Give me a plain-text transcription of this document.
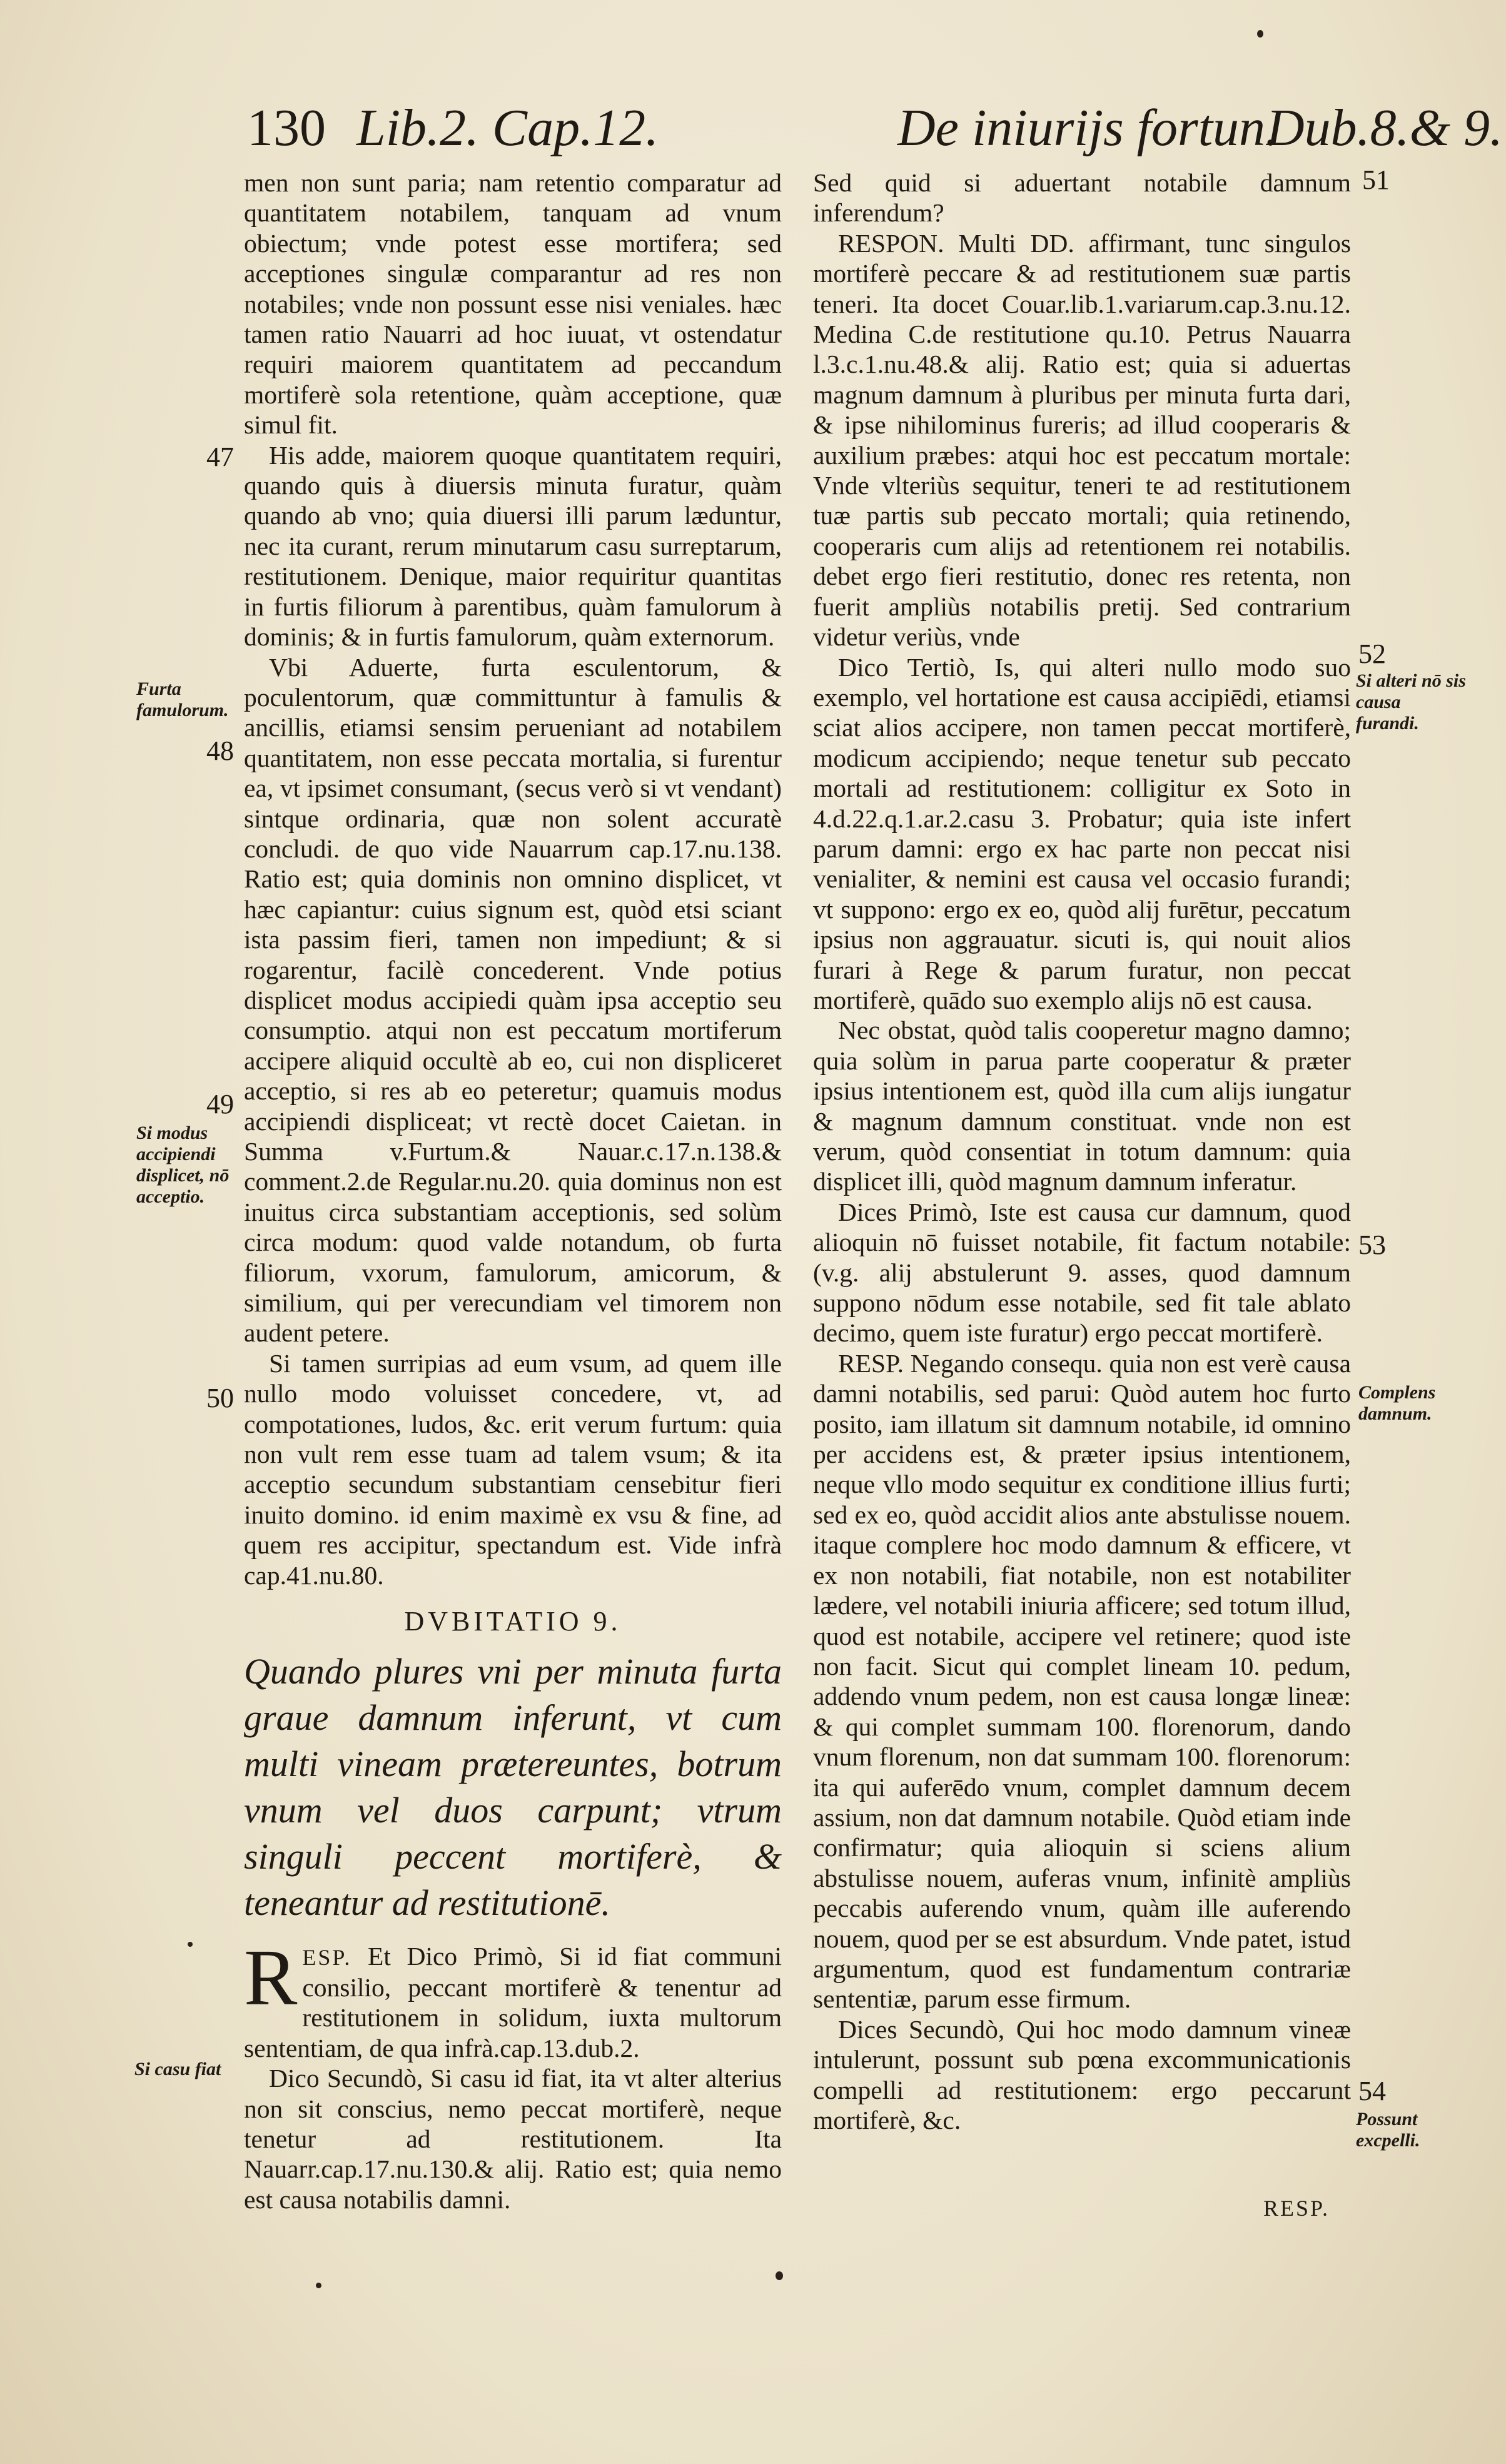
130 Lib.2. Cap.12.	De iniurijs fortun.
Dub.8.& 9.

men non sunt paria; nam retentio comparatur ad quantitatem notabilem, tanquam ad vnum obiectum; vnde potest esse mortifera; sed acceptiones singulæ comparantur ad res non notabiles; vnde non possunt esse nisi veniales. hæc tamen ratio Nauarri ad hoc iuuat, vt ostendatur requiri maiorem quantitatem ad peccandum mortiferè sola retentione, quàm acceptione, quæ simul fit.

His adde, maiorem quoque quantitatem requiri, quando quis à diuersis minuta furatur, quàm quando ab vno; quia diuersi illi parum læduntur, nec ita curant, rerum minutarum casu surreptarum, restitutionem. Denique, maior requiritur quantitas in furtis filiorum à parentibus, quàm famulorum à dominis; & in furtis famulorum, quàm externorum.

Vbi Aduerte, furta esculentorum, & poculentorum, quæ committuntur à famulis & ancillis, etiamsi sensim perueniant ad notabilem quantitatem, non esse peccata mortalia, si furentur ea, vt ipsimet consumant, (secus verò si vt vendant) sintque ordinaria, quæ non solent accuratè concludi. de quo vide Nauarrum cap.17.nu.138. Ratio est; quia dominis non omnino displicet, vt hæc capiantur: cuius signum est, quòd etsi sciant ista passim fieri, tamen non impediunt; & si rogarentur, facilè concederent. Vnde potius displicet modus accipiedi quàm ipsa acceptio seu consumptio. atqui non est peccatum mortiferum accipere aliquid occultè ab eo, cui non displiceret acceptio, si res ab eo peteretur; quamuis modus accipiendi displiceat; vt rectè docet Caietan. in Summa v.Furtum.& Nauar.c.17.n.138.& comment.2.de Regular.nu.20. quia dominus non est inuitus circa substantiam acceptionis, sed solùm circa modum: quod valde notandum, ob furta filiorum, vxorum, famulorum, amicorum, & similium, qui per verecundiam vel timorem non audent petere.

Si tamen surripias ad eum vsum, ad quem ille nullo modo voluisset concedere, vt, ad compotationes, ludos, &c. erit verum furtum: quia non vult rem esse tuam ad talem vsum; & ita acceptio secundum substantiam censebitur fieri inuito domino. id enim maximè ex vsu & fine, ad quem res accipitur, spectandum est. Vide infrà cap.41.nu.80.

DVBITATIO 9.
Quando plures vni per minuta furta graue damnum inferunt, vt cum multi vineam prætereuntes, botrum vnum vel duos carpunt; vtrum singuli peccent mortiferè, & teneantur ad restitutionē.

RESP. Et Dico Primò, Si id fiat communi consilio, peccant mortiferè & tenentur ad restitutionem in solidum, iuxta multorum sententiam, de qua infrà.cap.13.dub.2.

Dico Secundò, Si casu id fiat, ita vt alter alterius non sit conscius, nemo peccat mortiferè, neque tenetur ad restitutionem. Ita Nauarr.cap.17.nu.130.& alij. Ratio est; quia nemo est causa notabilis damni.

Sed quid si aduertant notabile damnum inferendum?

RESPON. Multi DD. affirmant, tunc singulos mortiferè peccare & ad restitutionem suæ partis teneri. Ita docet Couar.lib.1.variarum.cap.3.nu.12. Medina C.de restitutione qu.10. Petrus Nauarra l.3.c.1.nu.48.& alij. Ratio est; quia si aduertas magnum damnum à pluribus per minuta furta dari, & ipse nihilominus fureris; ad illud cooperaris & auxilium præbes: atqui hoc est peccatum mortale: Vnde vlteriùs sequitur, teneri te ad restitutionem tuæ partis sub peccato mortali; quia retinendo, cooperaris cum alijs ad retentionem rei notabilis. debet ergo fieri restitutio, donec res retenta, non fuerit ampliùs notabilis pretij. Sed contrarium videtur veriùs, vnde

Dico Tertiò, Is, qui alteri nullo modo suo exemplo, vel hortatione est causa accipiēdi, etiamsi sciat alios accipere, non tamen peccat mortiferè, modicum accipiendo; neque tenetur sub peccato mortali ad restitutionem: colligitur ex Soto in 4.d.22.q.1.ar.2.casu 3. Probatur; quia iste infert parum damni: ergo ex hac parte non peccat nisi venialiter, & nemini est causa vel occasio furandi; vt suppono: ergo ex eo, quòd alij furētur, peccatum ipsius non aggrauatur. sicuti is, qui nouit alios furari à Rege & parum furatur, non peccat mortiferè, quādo suo exemplo alijs nō est causa.

Nec obstat, quòd talis cooperetur magno damno; quia solùm in parua parte cooperatur & præter ipsius intentionem est, quòd illa cum alijs iungatur & magnum damnum constituat. vnde non est verum, quòd consentiat in totum damnum: quia displicet illi, quòd magnum damnum inferatur.

Dices Primò, Iste est causa cur damnum, quod alioquin nō fuisset notabile, fit factum notabile: (v.g. alij abstulerunt 9. asses, quod damnum suppono nōdum esse notabile, sed fit tale ablato decimo, quem iste furatur) ergo peccat mortiferè.

RESP. Negando consequ. quia non est verè causa damni notabilis, sed parui: Quòd autem hoc furto posito, iam illatum sit damnum notabile, id omnino per accidens est, & præter ipsius intentionem, neque vllo modo sequitur ex conditione illius furti; sed ex eo, quòd accidit alios ante abstulisse nouem. itaque complere hoc modo damnum & efficere, vt ex non notabili, fiat notabile, non est notabiliter lædere, vel notabili iniuria afficere; sed totum illud, quod est notabile, accipere vel retinere; quod iste non facit. Sicut qui complet lineam 10. pedum, addendo vnum pedem, non est causa longæ lineæ: & qui complet summam 100. florenorum, dando vnum florenum, non dat summam 100. florenorum: ita qui auferēdo vnum, complet damnum decem assium, non dat damnum notabile. Quòd etiam inde confirmatur; quia alioquin si sciens alium abstulisse nouem, auferas vnum, infinitè ampliùs peccabis auferendo vnum, quàm ille auferendo nouem, quod per se est absurdum. Vnde patet, istud argumentum, quod est fundamentum contrariæ sententiæ, parum esse firmum.

Dices Secundò, Qui hoc modo damnum vineæ intulerunt, possunt sub pœna excommunicationis compelli ad restitutionem: ergo peccarunt mortiferè, &c.

47
Furta famulorum.
48
49
Si modus accipiendi displicet, nō acceptio.
50
Si casu fiat
51
52
Si alteri nō sis causa furandi.
53
Complens damnum.
54
Possunt excpelli.
RESP.
